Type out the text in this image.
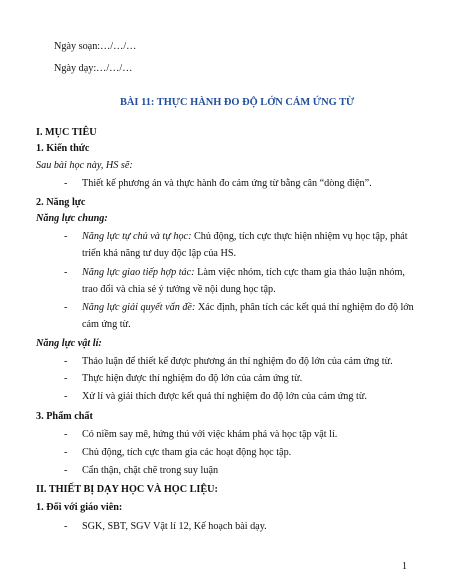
Ngày soạn:…/…/…
Ngày dạy:…/…/…
BÀI 11: THỰC HÀNH ĐO ĐỘ LỚN CẢM ỨNG TỪ
I. MỤC TIÊU
1. Kiến thức
Sau bài học này, HS sẽ:
- Thiết kế phương án và thực hành đo cảm ứng từ bằng cân “dòng điện”.
2. Năng lực
Năng lực chung:
- Năng lực tự chủ và tự học: Chủ động, tích cực thực hiện nhiệm vụ học tập, phát
triển khả năng tư duy độc lập của HS.
- Năng lực giao tiếp hợp tác: Làm việc nhóm, tích cực tham gia thảo luận nhóm,
trao đổi và chia sẻ ý tưởng về nội dung học tập.
- Năng lực giải quyết vấn đề: Xác định, phân tích các kết quả thí nghiệm đo độ lớn
cảm ứng từ.
Năng lực vật lí:
- Thảo luận để thiết kế được phương án thí nghiệm đo độ lớn của cảm ứng từ.
- Thực hiện được thí nghiệm đo độ lớn của cảm ứng từ.
- Xử lí và giải thích được kết quả thí nghiệm đo độ lớn của cảm ứng từ.
3. Phẩm chất
- Có niềm say mê, hứng thú với việc khám phá và học tập vật lí.
- Chủ động, tích cực tham gia các hoạt động học tập.
- Cẩn thận, chặt chẽ trong suy luận
II. THIẾT BỊ DẠY HỌC VÀ HỌC LIỆU:
1. Đối với giáo viên:
- SGK, SBT, SGV Vật lí 12, Kế hoạch bài dạy.
1
